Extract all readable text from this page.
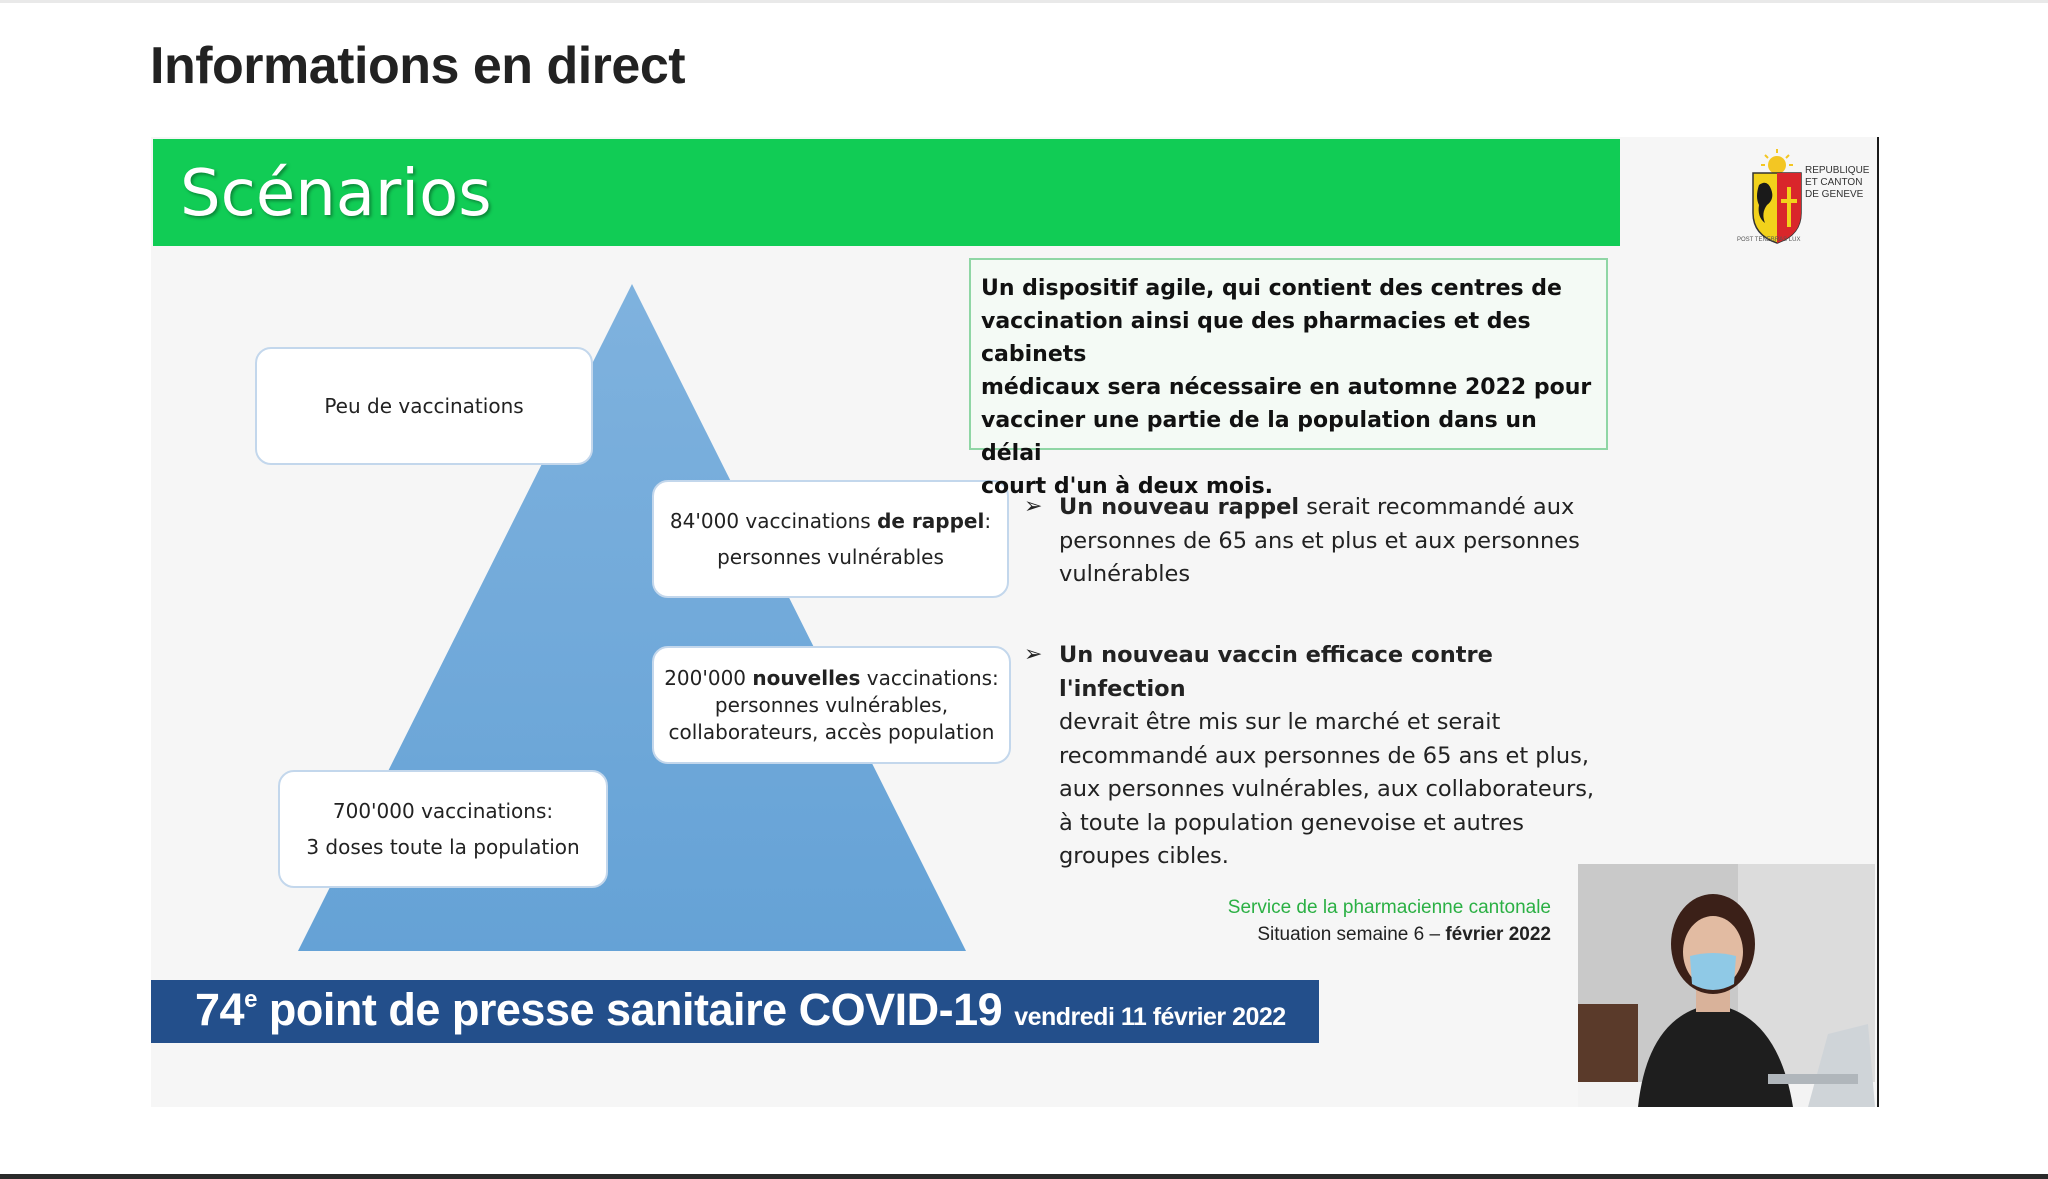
Informations en direct
Scénarios	REPUBLIQUE
ET CANTON
DE GENEVE
POST TENEBRAS LUX
Peu de vaccinations
84'000 vaccinations de rappel:
personnes vulnérables
200'000 nouvelles vaccinations:
personnes vulnérables,
collaborateurs, accès population
700'000 vaccinations:
3 doses toute la population
Un dispositif agile, qui contient des centres de
vaccination ainsi que des pharmacies et des cabinets
médicaux sera nécessaire en automne 2022 pour
vacciner une partie de la population dans un délai
court d'un à deux mois.
➢ Un nouveau rappel serait recommandé aux
personnes de 65 ans et plus et aux personnes
vulnérables
➢ Un nouveau vaccin efficace contre l'infection
devrait être mis sur le marché et serait
recommandé aux personnes de 65 ans et plus,
aux personnes vulnérables, aux collaborateurs,
à toute la population genevoise et autres
groupes cibles.
Service de la pharmacienne cantonale
Situation semaine 6 – février 2022
74e point de presse sanitaire COVID-19 vendredi 11 février 2022
